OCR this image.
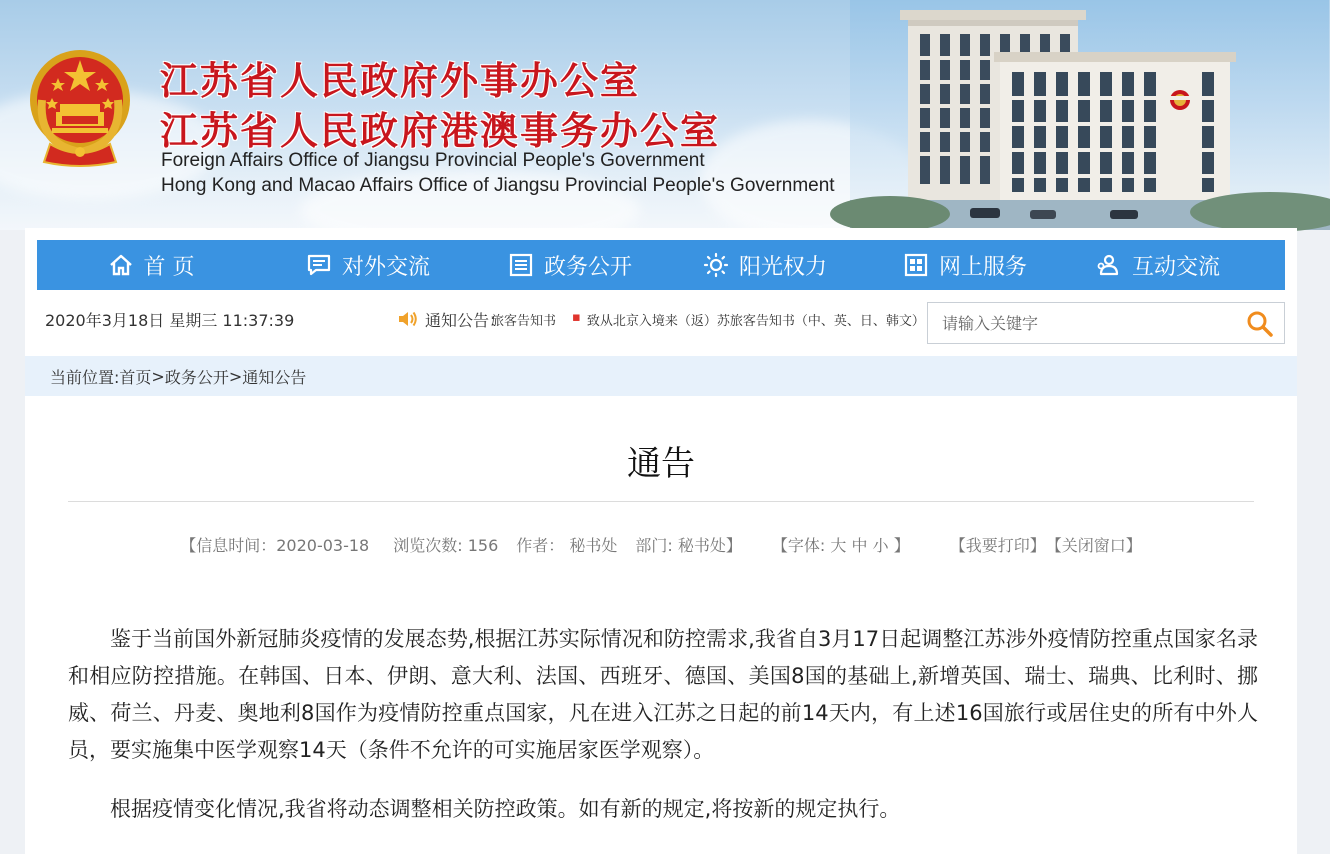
江苏省人民政府外事办公室
江苏省人民政府港澳事务办公室
Foreign Affairs Office of Jiangsu Provincial People's Government
Hong Kong and Macao Affairs Office of Jiangsu Provincial People's Government
首 页	对外交流	政务公开	阳光权力	网上服务	互动交流
2020年3月18日 星期三 11:37:39	通知公告：
旅客告知书 ▪ 致从北京入境来（返）苏旅客告知书（中、英、日、韩文）
请输入关键字
当前位置: 首页 > 政务公开 > 通知公告
通告
【信息时间：2020-03-18 浏览次数: 156 作者： 秘书处 部门: 秘书处】 【字体: 大 中 小 】	【我要打印】【关闭窗口】

鉴于当前国外新冠肺炎疫情的发展态势,根据江苏实际情况和防控需求,我省自3月17日起调整江苏涉外疫情防控重点国家名录和相应防控措施。在韩国、日本、伊朗、意大利、法国、西班牙、德国、美国8国的基础上,新增英国、瑞士、瑞典、比利时、挪威、荷兰、丹麦、奥地利8国作为疫情防控重点国家，凡在进入江苏之日起的前14天内，有上述16国旅行或居住史的所有中外人员，要实施集中医学观察14天（条件不允许的可实施居家医学观察）。

根据疫情变化情况,我省将动态调整相关防控政策。如有新的规定,将按新的规定执行。
